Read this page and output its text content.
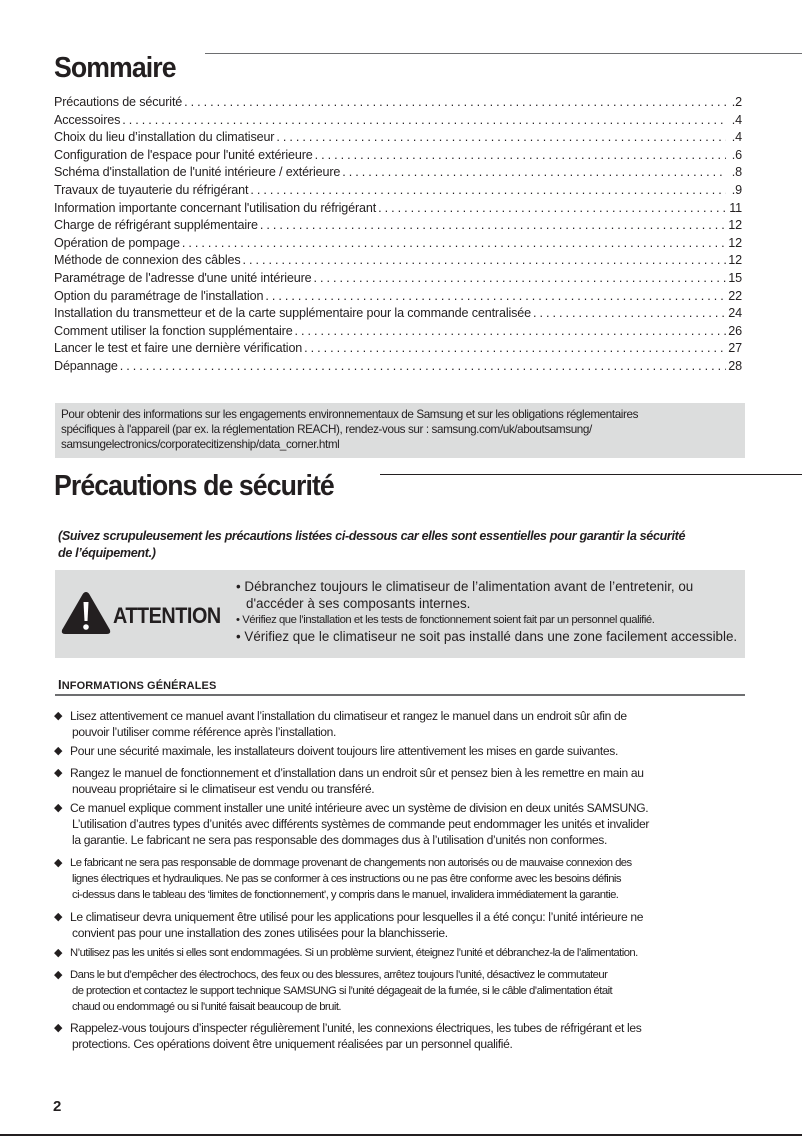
Sommaire
Précautions de sécurité . . .	.2
Accessoires . . .	.4
Choix du lieu d’installation du climatiseur . . .	.4
Configuration de l'espace pour l'unité extérieure . . .	.6
Schéma d'installation de l'unité intérieure / extérieure . . .	.8
Travaux de tuyauterie du réfrigérant . . .	.9
Information importante concernant l'utilisation du réfrigérant . . .	11
Charge de réfrigérant supplémentaire . . .	12
Opération de pompage . . .	12
Méthode de connexion des câbles . . .	12
Paramétrage de l'adresse d'une unité intérieure . . .	15
Option du paramétrage de l'installation . . .	22
Installation du transmetteur et de la carte supplémentaire pour la commande centralisée . . .	24
Comment utiliser la fonction supplémentaire . . .	26
Lancer le test et faire une dernière vérification . . .	27
Dépannage . . .	28
Pour obtenir des informations sur les engagements environnementaux de Samsung et sur les obligations réglementaires
spécifiques à l'appareil (par ex. la réglementation REACH), rendez-vous sur : samsung.com/uk/aboutsamsung/
samsungelectronics/corporatecitizenship/data_corner.html
Précautions de sécurité
(Suivez scrupuleusement les précautions listées ci-dessous car elles sont essentielles pour garantir la sécurité
de l’équipement.)
ATTENTION
• Débranchez toujours le climatiseur de l’alimentation avant de l’entretenir, ou
d'accéder à ses composants internes.
• Vérifiez que l’installation et les tests de fonctionnement soient fait par un personnel qualifié.
• Vérifiez que le climatiseur ne soit pas installé dans une zone facilement accessible.
INFORMATIONS GÉNÉRALES
◆ Lisez attentivement ce manuel avant l’installation du climatiseur et rangez le manuel dans un endroit sûr afin de
pouvoir l’utiliser comme référence après l’installation.
◆ Pour une sécurité maximale, les installateurs doivent toujours lire attentivement les mises en garde suivantes.
◆ Rangez le manuel de fonctionnement et d’installation dans un endroit sûr et pensez bien à les remettre en main au
nouveau propriétaire si le climatiseur est vendu ou transféré.
◆ Ce manuel explique comment installer une unité intérieure avec un système de division en deux unités SAMSUNG.
L’utilisation d’autres types d’unités avec différents systèmes de commande peut endommager les unités et invalider
la garantie. Le fabricant ne sera pas responsable des dommages dus à l’utilisation d’unités non conformes.
◆ Le fabricant ne sera pas responsable de dommage provenant de changements non autorisés ou de mauvaise connexion des
lignes électriques et hydrauliques. Ne pas se conformer à ces instructions ou ne pas être conforme avec les besoins définis
ci-dessus dans le tableau des ‘limites de fonctionnement’, y compris dans le manuel, invalidera immédiatement la garantie.
◆ Le climatiseur devra uniquement être utilisé pour les applications pour lesquelles il a été conçu: l’unité intérieure ne
convient pas pour une installation des zones utilisées pour la blanchisserie.
◆ N’utilisez pas les unités si elles sont endommagées. Si un problème survient, éteignez l’unité et débranchez-la de l’alimentation.
◆ Dans le but d’empêcher des électrochocs, des feux ou des blessures, arrêtez toujours l’unité, désactivez le commutateur
de protection et contactez le support technique SAMSUNG si l’unité dégageait de la fumée, si le câble d’alimentation était
chaud ou endommagé ou si l’unité faisait beaucoup de bruit.
◆ Rappelez-vous toujours d’inspecter régulièrement l’unité, les connexions électriques, les tubes de réfrigérant et les
protections. Ces opérations doivent être uniquement réalisées par un personnel qualifié.
2
